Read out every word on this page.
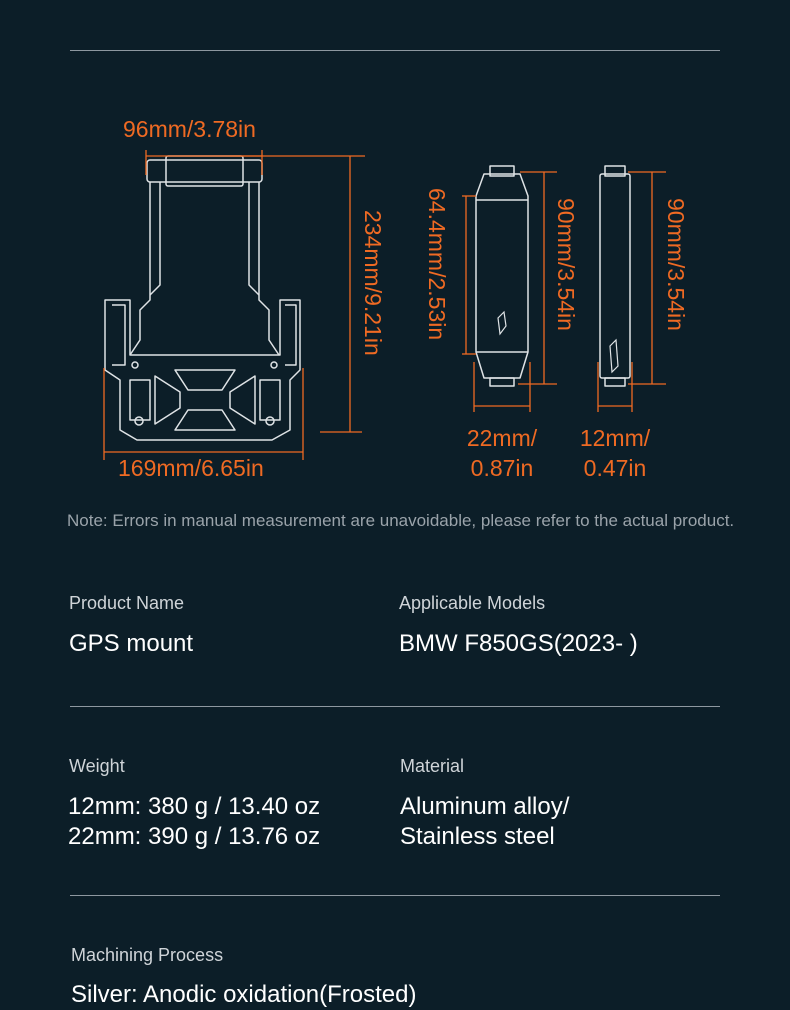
96mm/3.78in
234mm/9.21in
169mm/6.65in
64.4mm/2.53in	90mm/3.54in	90mm/3.54in
22mm/
0.87in
12mm/
0.47in
Note: Errors in manual measurement are unavoidable, please refer to the actual product.
Product Name
GPS mount
Applicable Models
BMW F850GS(2023- )
Weight
12mm: 380 g / 13.40 oz
22mm: 390 g / 13.76 oz
Material
Aluminum alloy/
Stainless steel
Machining Process
Silver: Anodic oxidation(Frosted)
